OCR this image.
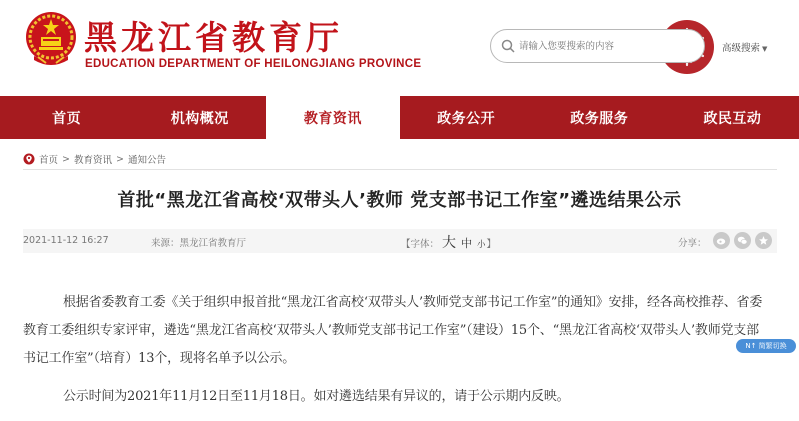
黑龙江省教育厅
EDUCATION DEPARTMENT OF HEILONGJIANG PROVINCE
请输入您要搜索的内容
高级搜索 ▼
首页	机构概况	教育资讯	政务公开	政务服务	政民互动
首页 > 教育资讯 > 通知公告
首批“黑龙江省高校‘双带头人’教师 党支部书记工作室”遴选结果公示
2021-11-12 16:27	来源：黑龙江省教育厅	【字体： 大 中 小 】	分享：

根据省委教育工委《关于组织申报首批“黑龙江省高校‘双带头人’教师党支部书记工作室”的通知》安排，经各高校推荐、省委教育工委组织专家评审，遴选“黑龙江省高校‘双带头人’教师党支部书记工作室”（建设）15个、“黑龙江省高校‘双带头人’教师党支部书记工作室”（培育）13个，现将名单予以公示。

公示时间为2021年11月12日至11月18日。如对遴选结果有异议的，请于公示期内反映。

N↑ 简繁切换
